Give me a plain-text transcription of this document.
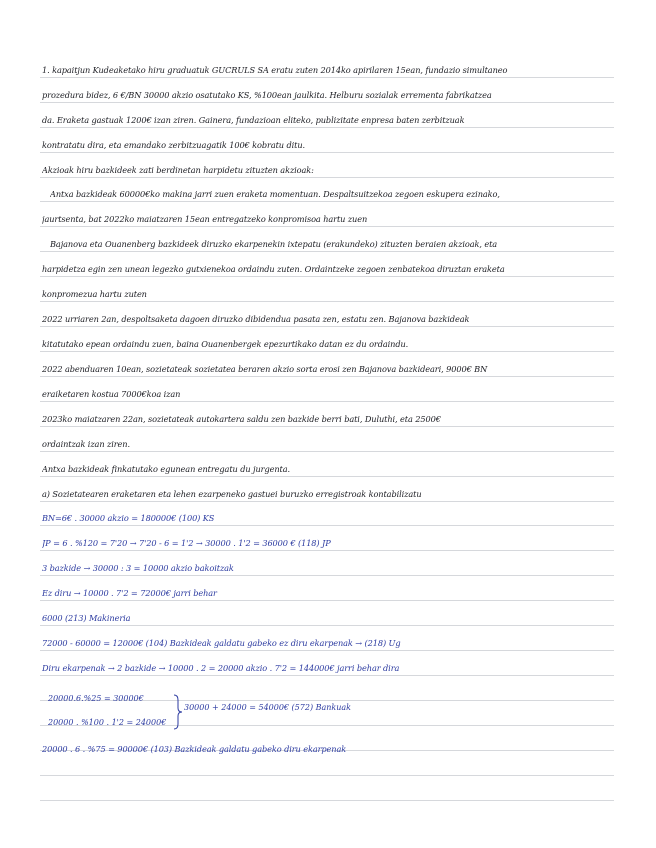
1. kapaitjun Kudeaketako hiru graduatuk GUCRULS SA eratu zuten 2014ko apirilaren 15ean, fundazio simultaneo
prozedura bidez, 6 €/BN 30000 akzio osatutako KS, %100ean jaulkita. Helburu sozialak errementa fabrikatzea
da. Eraketa gastuak 1200€ izan ziren. Gainera, fundazioan eliteko, publizitate enpresa baten zerbitzuak
kontratatu dira, eta emandako zerbitzuagatik 100€ kobratu ditu.
Akzioak hiru bazkideek zati berdinetan harpidetu zituzten akzioak:
Antxa bazkideak 60000€ko makina jarri zuen eraketa momentuan. Despaltsuitzekoa zegoen eskupera ezinako,
jaurtsenta, bat 2022ko maiatzaren 15ean entregatzeko konpromisoa hartu zuen
Bajanova eta Ouanenberg bazkideek diruzko ekarpenekin ixtepatu (erakundeko) zituzten beraien akzioak, eta
harpidetza egin zen unean legezko gutxienekoa ordaindu zuten. Ordaintzeke zegoen zenbatekoa diruztan eraketa
konpromezua hartu zuten
2022 urriaren 2an, despoltsaketa dagoen diruzko dibidendua pasata zen, estatu zen. Bajanova bazkideak
kitatutako epean ordaindu zuen, baina Ouanenbergek epezurtikako datan ez du ordaindu.
2022 abenduaren 10ean, sozietateak sozietatea beraren akzio sorta erosi zen Bajanova bazkideari, 9000€ BN
eraiketaren kostua 7000€koa izan
2023ko maiatzaren 22an, sozietateak autokartera saldu zen bazkide berri bati, Duluthi, eta 2500€
ordaintzak izan ziren.
Antxa bazkideak finkatutako egunean entregatu du jurgenta.
a) Sozietatearen eraketaren eta lehen ezarpeneko gastuei buruzko erregistroak kontabilizatu
BN=6€ . 30000 akzio = 180000€ (100) KS
JP = 6 . %120 = 7'20 → 7'20 - 6 = 1'2 → 30000 . 1'2 = 36000 € (118) JP
3 bazkide → 30000 : 3 = 10000 akzio bakoitzak
Ez diru → 10000 . 7'2 = 72000€ jarri behar
6000 (213) Makineria
72000 - 60000 = 12000€ (104) Bazkideak galdatu gabeko ez diru ekarpenak → (218) Ug
Diru ekarpenak → 2 bazkide → 10000 . 2 = 20000 akzio . 7'2 = 144000€ jarri behar dira
20000.6.%25 = 30000€
20000 . %100 . 1'2 = 24000€
30000 + 24000 = 54000€ (572) Bankuak
20000 . 6 . %75 = 90000€ (103) Bazkideak galdatu gabeko diru ekarpenak
